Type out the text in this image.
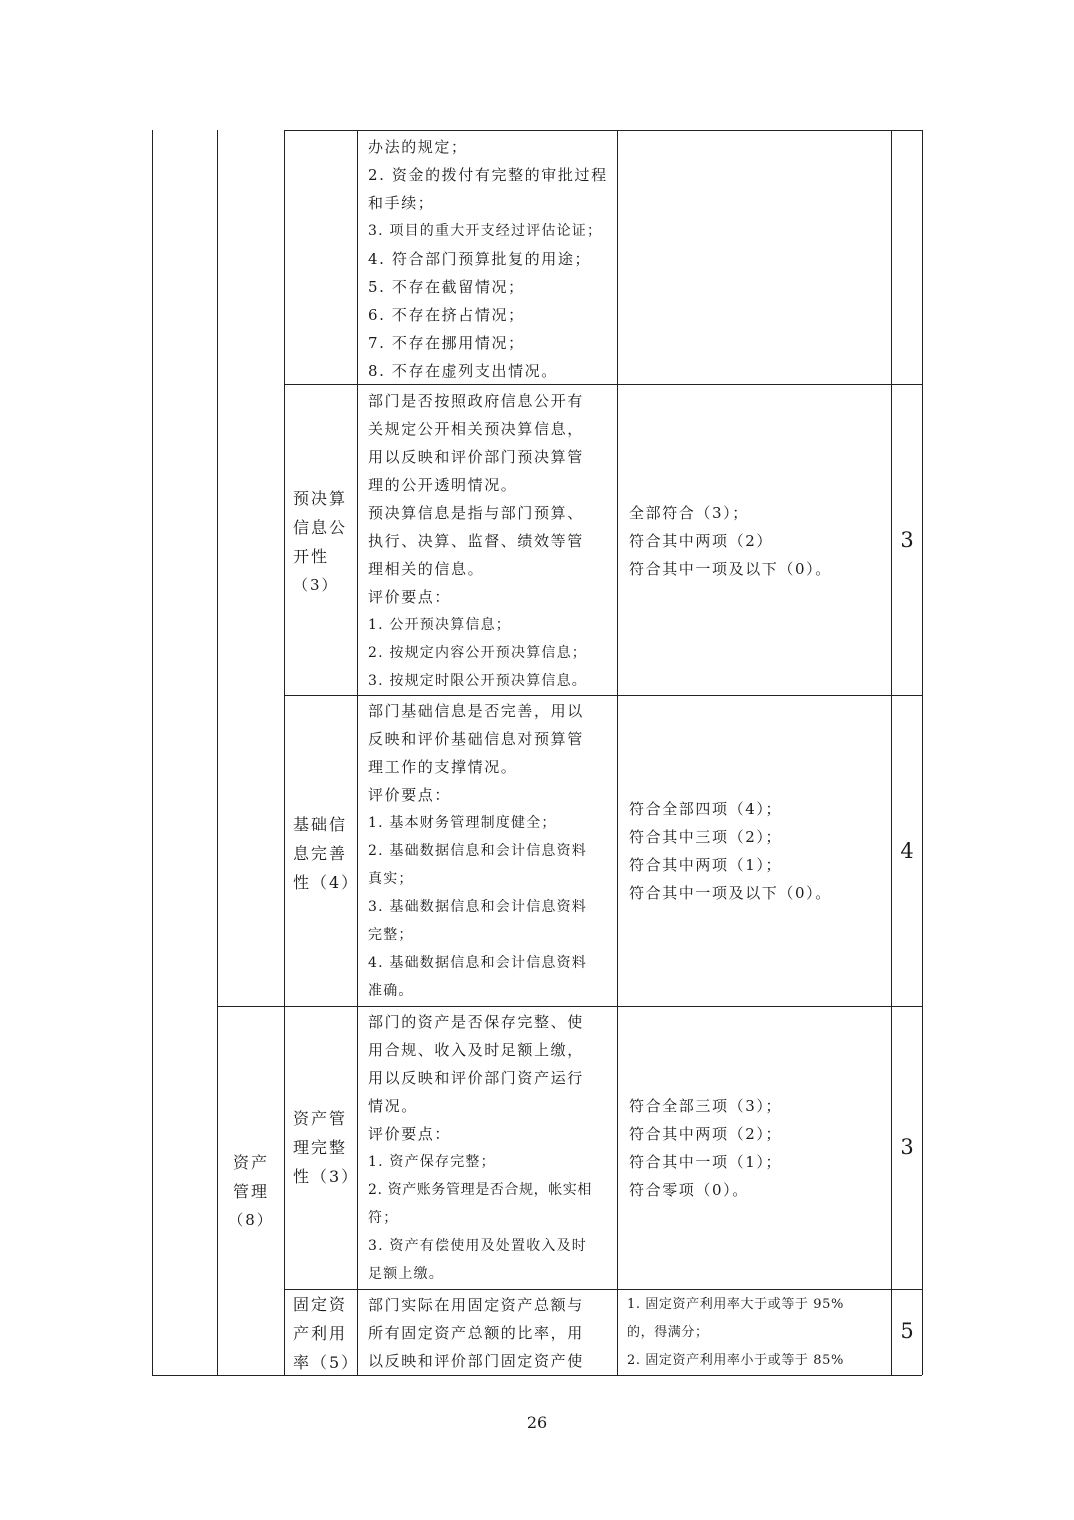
办法的规定；
2. 资金的拨付有完整的审批过程
和手续；
3. 项目的重大开支经过评估论证；
4. 符合部门预算批复的用途；
5. 不存在截留情况；
6. 不存在挤占情况；
7. 不存在挪用情况；
8. 不存在虚列支出情况。
预决算
信息公
开性
（3）
部门是否按照政府信息公开有
关规定公开相关预决算信息，
用以反映和评价部门预决算管
理的公开透明情况。
预决算信息是指与部门预算、
执行、决算、监督、绩效等管
理相关的信息。
评价要点：
1. 公开预决算信息；
2. 按规定内容公开预决算信息；
3. 按规定时限公开预决算信息。
全部符合（3）；
符合其中两项（2）
符合其中一项及以下（0）。
3
基础信
息完善
性（4）
部门基础信息是否完善，用以
反映和评价基础信息对预算管
理工作的支撑情况。
评价要点：
1. 基本财务管理制度健全；
2. 基础数据信息和会计信息资料
真实；
3. 基础数据信息和会计信息资料
完整；
4. 基础数据信息和会计信息资料
准确。
符合全部四项（4）；
符合其中三项（2）；
符合其中两项（1）；
符合其中一项及以下（0）。
4
资产
管理
（8）
资产管
理完整
性（3）
部门的资产是否保存完整、使
用合规、收入及时足额上缴，
用以反映和评价部门资产运行
情况。
评价要点：
1. 资产保存完整；
2. 资产账务管理是否合规，帐实相
符；
3. 资产有偿使用及处置收入及时
足额上缴。
符合全部三项（3）；
符合其中两项（2）；
符合其中一项（1）；
符合零项（0）。
3
固定资
产利用
率（5）
部门实际在用固定资产总额与
所有固定资产总额的比率，用
以反映和评价部门固定资产使
1. 固定资产利用率大于或等于 95%
的，得满分；
2. 固定资产利用率小于或等于 85%
5
26
